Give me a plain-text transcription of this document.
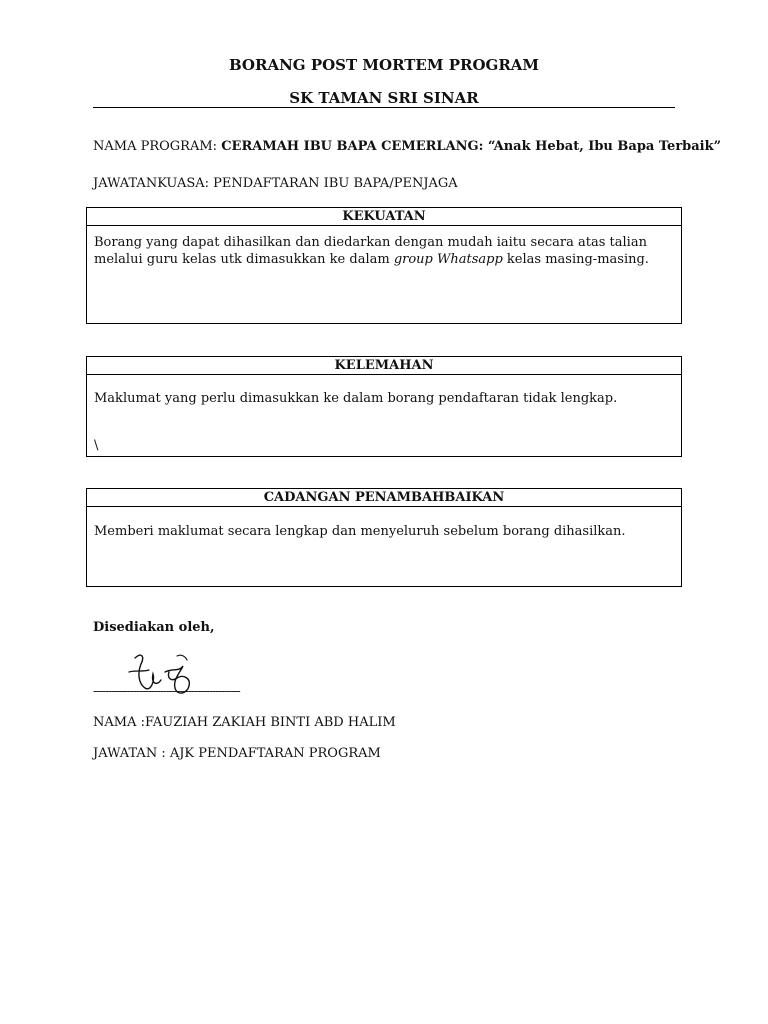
BORANG POST MORTEM PROGRAM
SK TAMAN SRI SINAR
NAMA PROGRAM: CERAMAH IBU BAPA CEMERLANG: “Anak Hebat, Ibu Bapa Terbaik”
JAWATANKUASA: PENDAFTARAN IBU BAPA/PENJAGA
KEKUATAN
Borang yang dapat dihasilkan dan diedarkan dengan mudah iaitu secara atas talian melalui guru kelas utk dimasukkan ke dalam group Whatsapp kelas masing-masing.
KELEMAHAN
Maklumat yang perlu dimasukkan ke dalam borang pendaftaran tidak lengkap.
\
CADANGAN PENAMBAHBAIKAN
Memberi maklumat secara lengkap dan menyeluruh sebelum borang dihasilkan.
Disediakan oleh,
------------------------------------------------
NAMA :FAUZIAH ZAKIAH BINTI ABD HALIM
JAWATAN : AJK PENDAFTARAN PROGRAM
